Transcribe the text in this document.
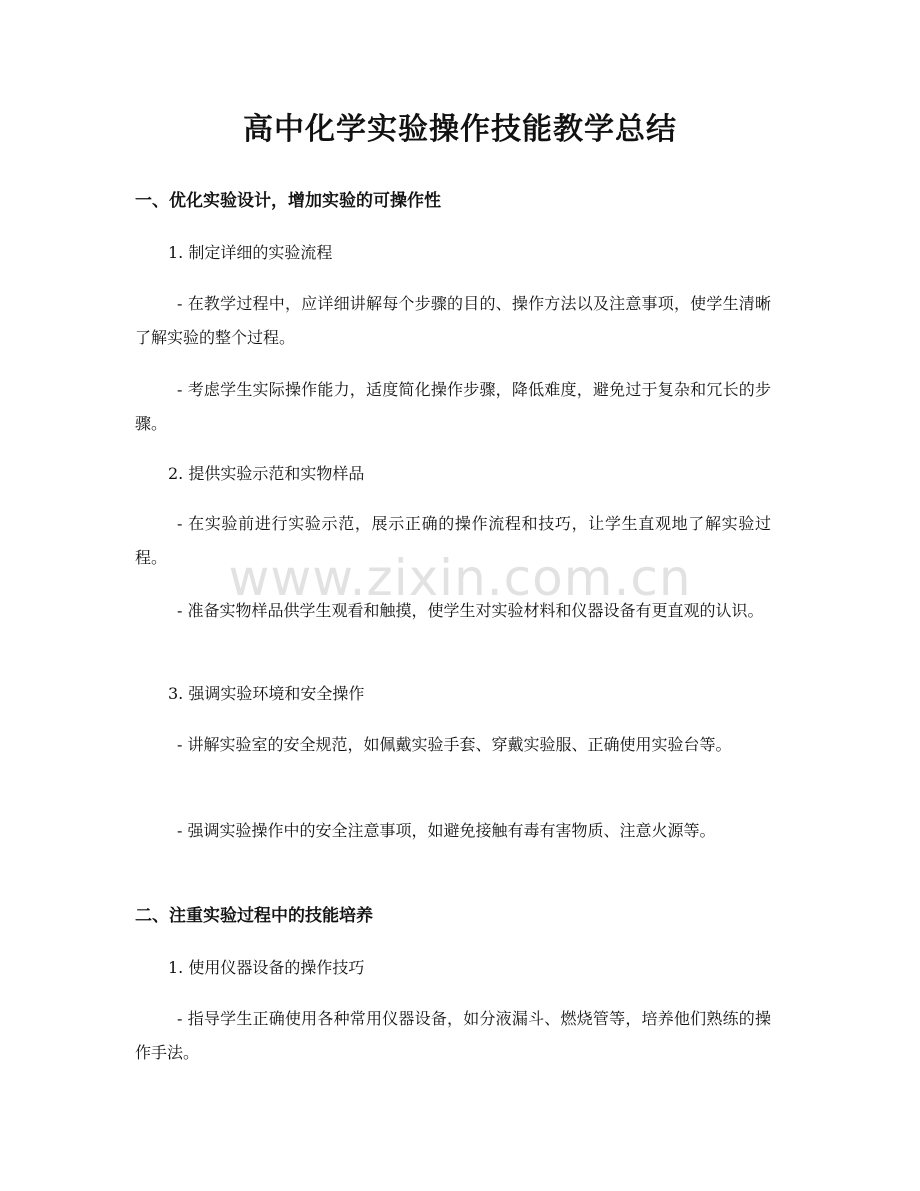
www.zixin.com.cn
高中化学实验操作技能教学总结
一、优化实验设计，增加实验的可操作性
1. 制定详细的实验流程

- 在教学过程中，应详细讲解每个步骤的目的、操作方法以及注意事项，使学生清晰了解实验的整个过程。

- 考虑学生实际操作能力，适度简化操作步骤，降低难度，避免过于复杂和冗长的步骤。

2. 提供实验示范和实物样品

- 在实验前进行实验示范，展示正确的操作流程和技巧，让学生直观地了解实验过程。

- 准备实物样品供学生观看和触摸，使学生对实验材料和仪器设备有更直观的认识。

3. 强调实验环境和安全操作

- 讲解实验室的安全规范，如佩戴实验手套、穿戴实验服、正确使用实验台等。

- 强调实验操作中的安全注意事项，如避免接触有毒有害物质、注意火源等。

二、注重实验过程中的技能培养
1. 使用仪器设备的操作技巧

- 指导学生正确使用各种常用仪器设备，如分液漏斗、燃烧管等，培养他们熟练的操作手法。
